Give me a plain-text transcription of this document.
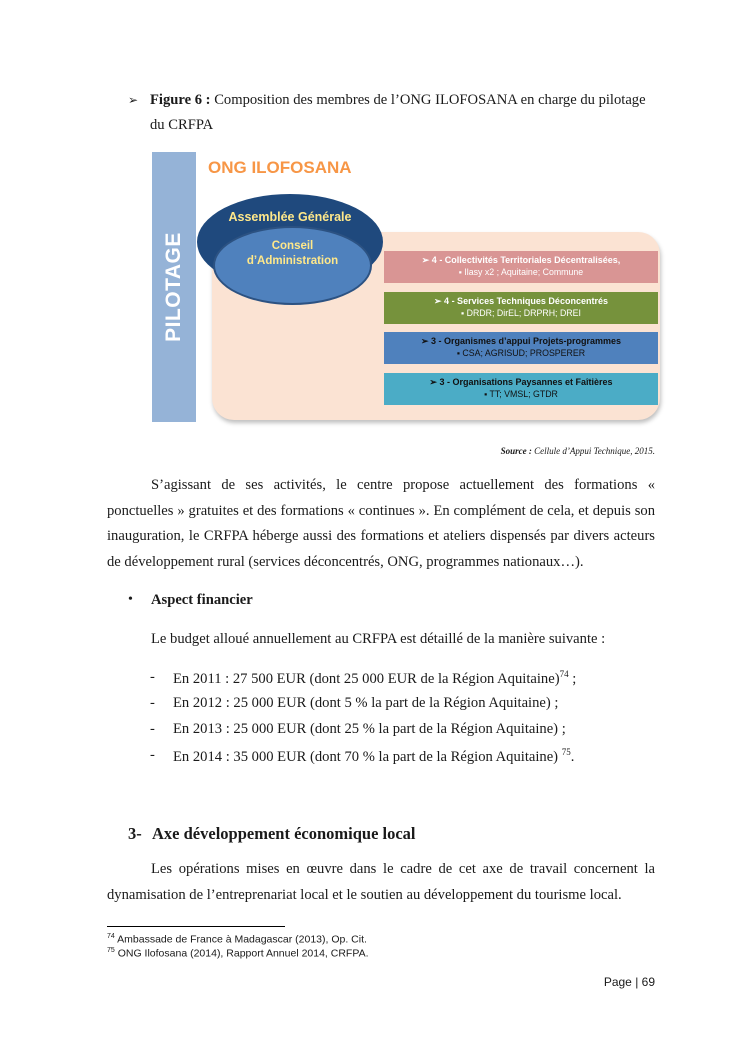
➢ Figure 6 : Composition des membres de l’ONG ILOFOSANA en charge du pilotage du CRFPA
PILOTAGE
ONG ILOFOSANA
Assemblée Générale
Conseil
d’Administration	➢ 4 - Collectivités Territoriales Décentralisées,
▪ Ilasy x2 ; Aquitaine; Commune
➢ 4 - Services Techniques Déconcentrés
▪ DRDR; DirEL; DRPRH; DREI
➢ 3 - Organismes d’appui Projets-programmes
▪ CSA; AGRISUD; PROSPERER
➢ 3 - Organisations Paysannes et Faîtières
▪ TT; VMSL; GTDR
Source : Cellule d’Appui Technique, 2015.
S’agissant de ses activités, le centre propose actuellement des formations « ponctuelles » gratuites et des formations « continues ». En complément de cela, et depuis son inauguration, le CRFPA héberge aussi des formations et ateliers dispensés par divers acteurs de développement rural (services déconcentrés, ONG, programmes nationaux…).
• Aspect financier
Le budget alloué annuellement au CRFPA est détaillé de la manière suivante :
- En 2011 : 27 500 EUR (dont 25 000 EUR de la Région Aquitaine)$^{74}$ ;
- En 2012 : 25 000 EUR (dont 5 % la part de la Région Aquitaine) ;
- En 2013 : 25 000 EUR (dont 25 % la part de la Région Aquitaine) ;
- En 2014 : 35 000 EUR (dont 70 % la part de la Région Aquitaine) $^{75}$.
3- Axe développement économique local
Les opérations mises en œuvre dans le cadre de cet axe de travail concernent la dynamisation de l’entreprenariat local et le soutien au développement du tourisme local.
$^{74}$ Ambassade de France à Madagascar (2013), Op. Cit.
$^{75}$ ONG Ilofosana (2014), Rapport Annuel 2014, CRFPA.
Page | 69
